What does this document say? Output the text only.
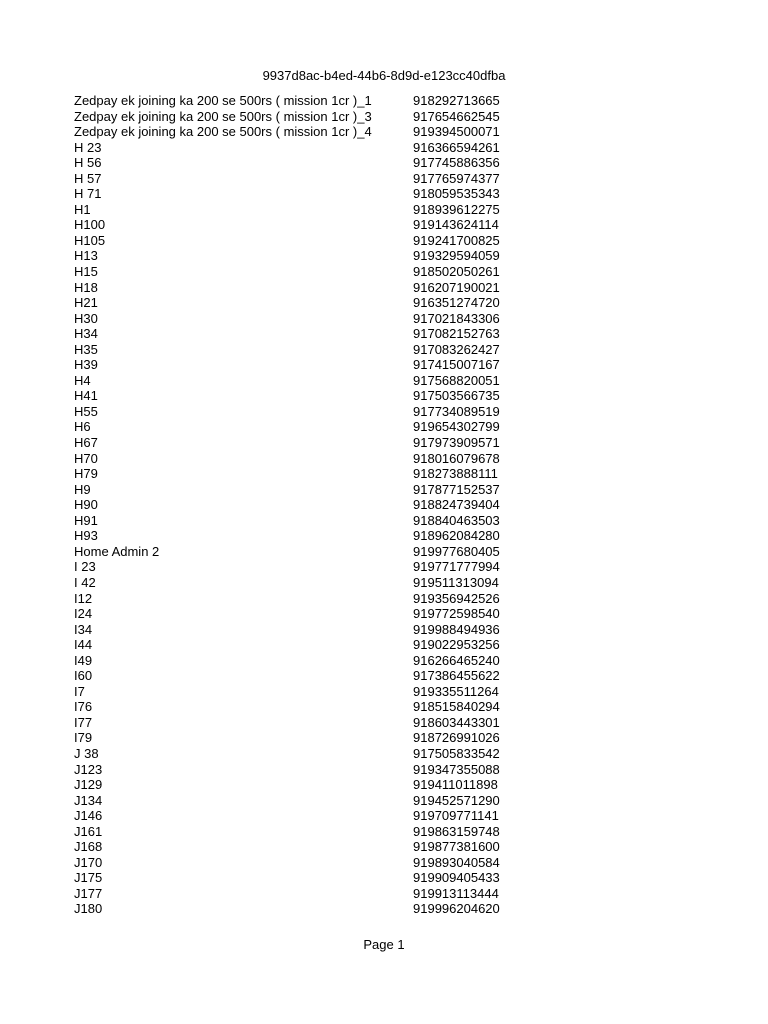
9937d8ac-b4ed-44b6-8d9d-e123cc40dfba
Zedpay ek joining ka 200 se 500rs ( mission 1cr )_1	918292713665
Zedpay ek joining ka 200 se 500rs ( mission 1cr )_3	917654662545
Zedpay ek joining ka 200 se 500rs ( mission 1cr )_4	919394500071
H 23	916366594261
H 56	917745886356
H 57	917765974377
H 71	918059535343
H1	918939612275
H100	919143624114
H105	919241700825
H13	919329594059
H15	918502050261
H18	916207190021
H21	916351274720
H30	917021843306
H34	917082152763
H35	917083262427
H39	917415007167
H4	917568820051
H41	917503566735
H55	917734089519
H6	919654302799
H67	917973909571
H70	918016079678
H79	918273888111
H9	917877152537
H90	918824739404
H91	918840463503
H93	918962084280
Home Admin 2	919977680405
I 23	919771777994
I 42	919511313094
I12	919356942526
I24	919772598540
I34	919988494936
I44	919022953256
I49	916266465240
I60	917386455622
I7	919335511264
I76	918515840294
I77	918603443301
I79	918726991026
J 38	917505833542
J123	919347355088
J129	919411011898
J134	919452571290
J146	919709771141
J161	919863159748
J168	919877381600
J170	919893040584
J175	919909405433
J177	919913113444
J180	919996204620
Page 1
